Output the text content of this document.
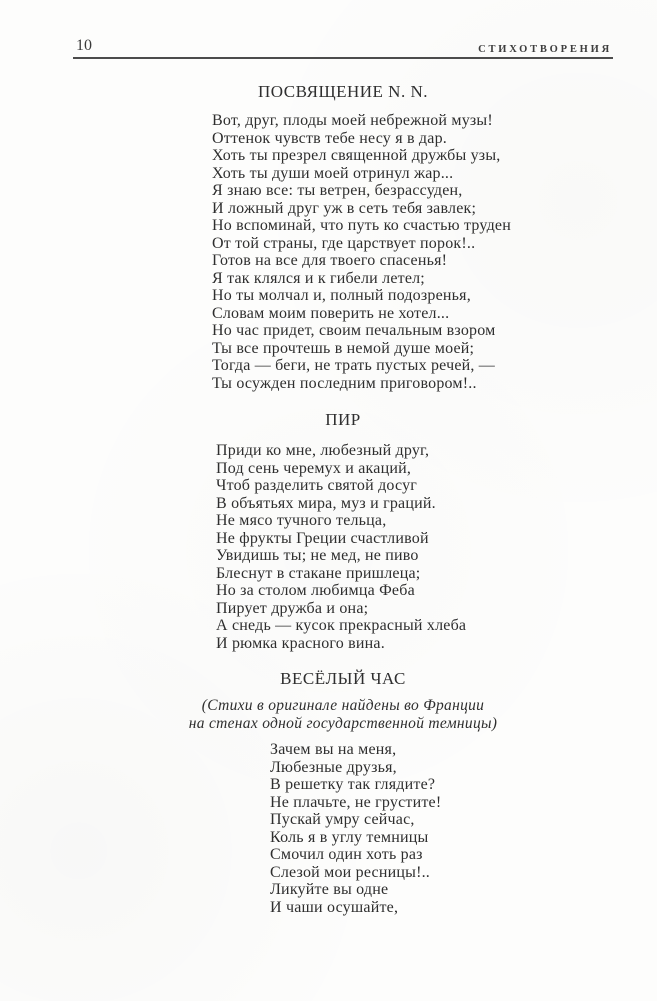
10	СТИХОТВОРЕНИЯ
ПОСВЯЩЕНИЕ N. N.
Вот, друг, плоды моей небрежной музы!
Оттенок чувств тебе несу я в дар.
Хоть ты презрел священной дружбы узы,
Хоть ты души моей отринул жар...
Я знаю все: ты ветрен, безрассуден,
И ложный друг уж в сеть тебя завлек;
Но вспоминай, что путь ко счастью труден
От той страны, где царствует порок!..
Готов на все для твоего спасенья!
Я так клялся и к гибели летел;
Но ты молчал и, полный подозренья,
Словам моим поверить не хотел...
Но час придет, своим печальным взором
Ты все прочтешь в немой душе моей;
Тогда — беги, не трать пустых речей, —
Ты осужден последним приговором!..
ПИР
Приди ко мне, любезный друг,
Под сень черемух и акаций,
Чтоб разделить святой досуг
В объятьях мира, муз и граций.
Не мясо тучного тельца,
Не фрукты Греции счастливой
Увидишь ты; не мед, не пиво
Блеснут в стакане пришлеца;
Но за столом любимца Феба
Пирует дружба и она;
А снедь — кусок прекрасный хлеба
И рюмка красного вина.
ВЕСЁЛЫЙ ЧАС
(Стихи в оригинале найдены во Франции
на стенах одной государственной темницы)
Зачем вы на меня,
Любезные друзья,
В решетку так глядите?
Не плачьте, не грустите!
Пускай умру сейчас,
Коль я в углу темницы
Смочил один хоть раз
Слезой мои ресницы!..
Ликуйте вы одне
И чаши осушайте,
